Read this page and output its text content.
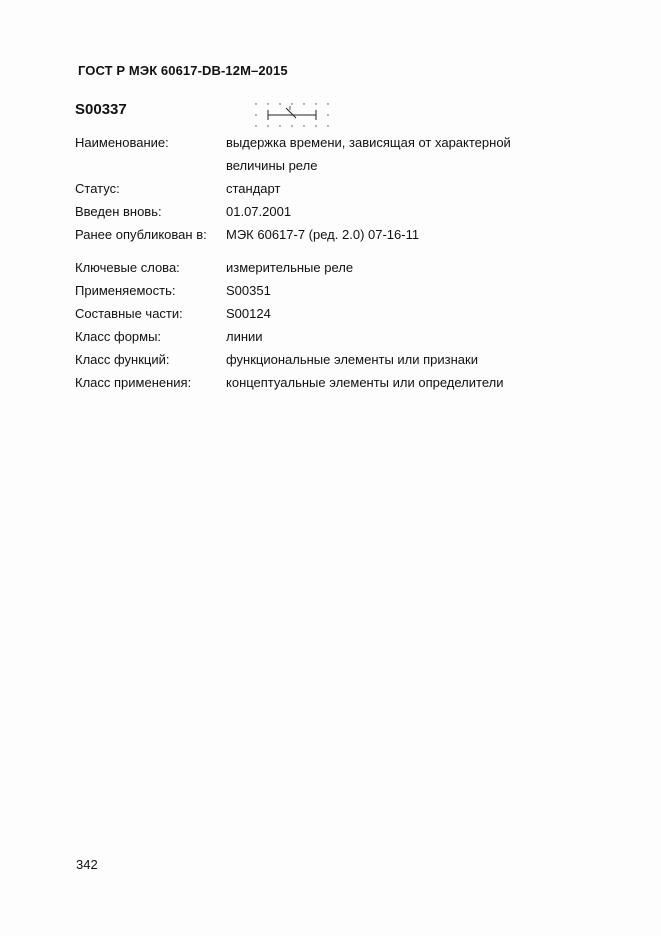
ГОСТ Р МЭК 60617-DB-12M–2015
S00337
Наименование:	выдержка времени, зависящая от характерной
величины реле
Статус:	стандарт
Введен вновь:	01.07.2001
Ранее опубликован в:	МЭК 60617-7 (ред. 2.0) 07-16-11
Ключевые слова:	измерительные реле
Применяемость:	S00351
Составные части:	S00124
Класс формы:	линии
Класс функций:	функциональные элементы или признаки
Класс применения:	концептуальные элементы или определители
342
